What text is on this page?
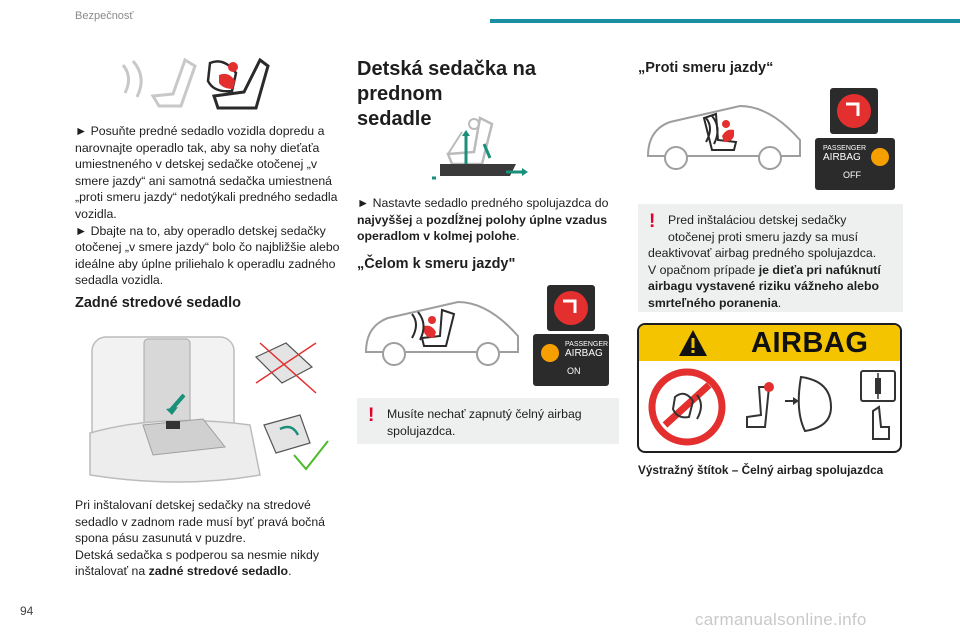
Bezpečnosť
► Posuňte predné sedadlo vozidla dopredu a
narovnajte operadlo tak, aby sa nohy dieťaťa
umiestneného v detskej sedačke otočenej „v
smere jazdy“ ani samotná sedačka umiestnená
„proti smeru jazdy“ nedotýkali predného sedadla
vozidla.
► Dbajte na to, aby operadlo detskej sedačky
otočenej „v smere jazdy“ bolo čo najbližšie alebo
ideálne aby úplne priliehalo k operadlu zadného
sedadla vozidla.
Zadné stredové sedadlo
Pri inštalovaní detskej sedačky na stredové
sedadlo v zadnom rade musí byť pravá bočná
spona pásu zasunutá v puzdre.
Detská sedačka s podperou sa nesmie nikdy
inštalovať na zadné stredové sedadlo.
Detská sedačka na prednom
sedadle
► Nastavte sedadlo predného spolujazdca do
najvyššej a pozdĺžnej polohy úplne vzadus
operadlom v kolmej polohe.
„Čelom k smeru jazdy"
PASSENGER
AIRBAG
ON
! Musíte nechať zapnutý čelný airbag
spolujazdca.
„Proti smeru jazdy“
PASSENGER
AIRBAG
OFF
! Pred inštaláciou detskej sedačky
otočenej proti smeru jazdy sa musí
deaktivovať airbag predného spolujazdca.
V opačnom prípade je dieťa pri nafúknutí
airbagu vystavené riziku vážneho alebo
smrteľného poranenia.
AIRBAG
Výstražný štítok – Čelný airbag spolujazdca
94	carmanualsonline.info
